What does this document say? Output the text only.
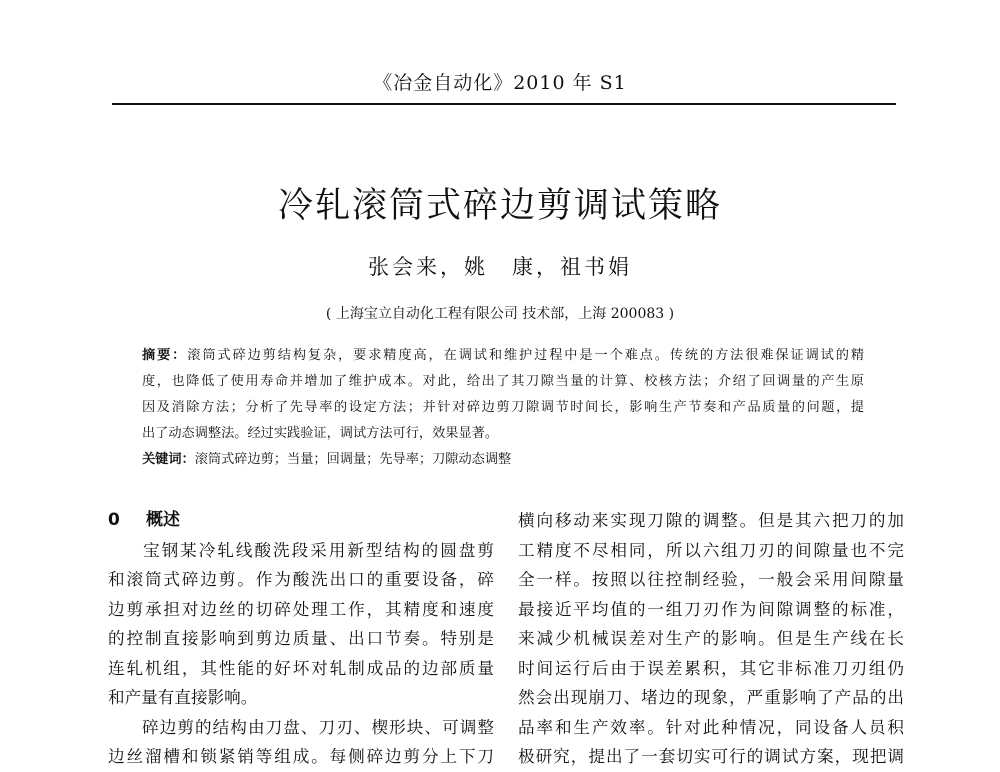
《冶金自动化》2010 年 S1
冷轧滚筒式碎边剪调试策略
张会来，姚　康，祖书娟
( 上海宝立自动化工程有限公司 技术部，上海 200083 )
摘要：滚筒式碎边剪结构复杂，要求精度高，在调试和维护过程中是一个难点。传统的方法很难保证调试的精
度，也降低了使用寿命并增加了维护成本。对此，给出了其刀隙当量的计算、校核方法；介绍了回调量的产生原
因及消除方法；分析了先导率的设定方法；并针对碎边剪刀隙调节时间长，影响生产节奏和产品质量的问题，提
出了动态调整法。经过实践验证，调试方法可行，效果显著。
关键词：滚筒式碎边剪；当量；回调量；先导率；刀隙动态调整
0 概述
宝钢某冷轧线酸洗段采用新型结构的圆盘剪
和滚筒式碎边剪。作为酸洗出口的重要设备，碎
边剪承担对边丝的切碎处理工作，其精度和速度
的控制直接影响到剪边质量、出口节奏。特别是
连轧机组，其性能的好坏对轧制成品的边部质量
和产量有直接影响。
碎边剪的结构由刀盘、刀刃、楔形块、可调整
边丝溜槽和锁紧销等组成。每侧碎边剪分上下刀
横向移动来实现刀隙的调整。但是其六把刀的加
工精度不尽相同，所以六组刀刃的间隙量也不完
全一样。按照以往控制经验，一般会采用间隙量
最接近平均值的一组刀刃作为间隙调整的标准，
来减少机械误差对生产的影响。但是生产线在长
时间运行后由于误差累积，其它非标准刀刃组仍
然会出现崩刀、堵边的现象，严重影响了产品的出
品率和生产效率。针对此种情况，同设备人员积
极研究，提出了一套切实可行的调试方案，现把调
